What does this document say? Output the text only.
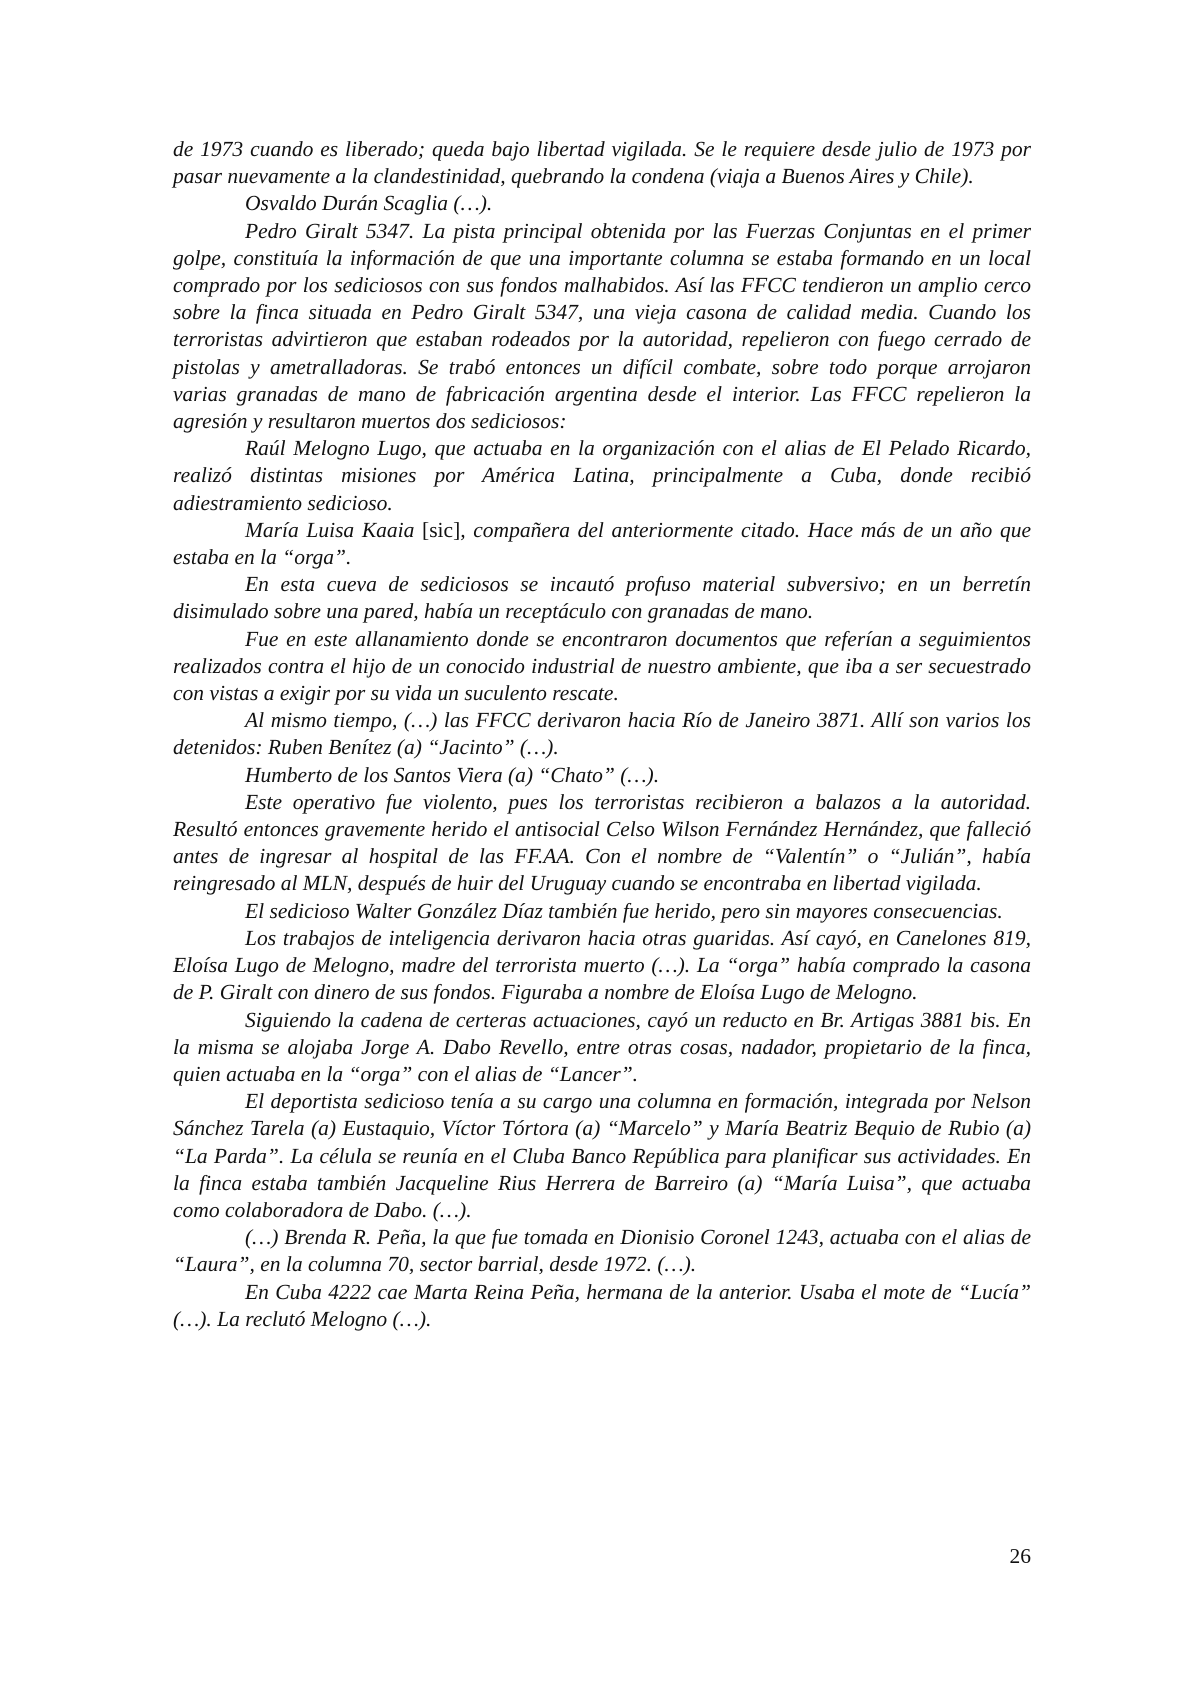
de 1973 cuando es liberado; queda bajo libertad vigilada. Se le requiere desde julio de 1973 por pasar nuevamente a la clandestinidad, quebrando la condena (viaja a Buenos Aires y Chile).

Osvaldo Durán Scaglia (…).

Pedro Giralt 5347. La pista principal obtenida por las Fuerzas Conjuntas en el primer golpe, constituía la información de que una importante columna se estaba formando en un local comprado por los sediciosos con sus fondos malhabidos. Así las FFCC tendieron un amplio cerco sobre la finca situada en Pedro Giralt 5347, una vieja casona de calidad media. Cuando los terroristas advirtieron que estaban rodeados por la autoridad, repelieron con fuego cerrado de pistolas y ametralladoras. Se trabó entonces un difícil combate, sobre todo porque arrojaron varias granadas de mano de fabricación argentina desde el interior. Las FFCC repelieron la agresión y resultaron muertos dos sediciosos:

Raúl Melogno Lugo, que actuaba en la organización con el alias de El Pelado Ricardo, realizó distintas misiones por América Latina, principalmente a Cuba, donde recibió adiestramiento sedicioso.

María Luisa Kaaia [sic], compañera del anteriormente citado. Hace más de un año que estaba en la “orga”.

En esta cueva de sediciosos se incautó profuso material subversivo; en un berretín disimulado sobre una pared, había un receptáculo con granadas de mano.

Fue en este allanamiento donde se encontraron documentos que referían a seguimientos realizados contra el hijo de un conocido industrial de nuestro ambiente, que iba a ser secuestrado con vistas a exigir por su vida un suculento rescate.

Al mismo tiempo, (…) las FFCC derivaron hacia Río de Janeiro 3871. Allí son varios los detenidos: Ruben Benítez (a) “Jacinto” (…).

Humberto de los Santos Viera (a) “Chato” (…).

Este operativo fue violento, pues los terroristas recibieron a balazos a la autoridad. Resultó entonces gravemente herido el antisocial Celso Wilson Fernández Hernández, que falleció antes de ingresar al hospital de las FF.AA. Con el nombre de “Valentín” o “Julián”, había reingresado al MLN, después de huir del Uruguay cuando se encontraba en libertad vigilada.

El sedicioso Walter González Díaz también fue herido, pero sin mayores consecuencias.

Los trabajos de inteligencia derivaron hacia otras guaridas. Así cayó, en Canelones 819, Eloísa Lugo de Melogno, madre del terrorista muerto (…). La “orga” había comprado la casona de P. Giralt con dinero de sus fondos. Figuraba a nombre de Eloísa Lugo de Melogno.

Siguiendo la cadena de certeras actuaciones, cayó un reducto en Br. Artigas 3881 bis. En la misma se alojaba Jorge A. Dabo Revello, entre otras cosas, nadador, propietario de la finca, quien actuaba en la “orga” con el alias de “Lancer”.

El deportista sedicioso tenía a su cargo una columna en formación, integrada por Nelson Sánchez Tarela (a) Eustaquio, Víctor Tórtora (a) “Marcelo” y María Beatriz Bequio de Rubio (a) “La Parda”. La célula se reunía en el Cluba Banco República para planificar sus actividades. En la finca estaba también Jacqueline Rius Herrera de Barreiro (a) “María Luisa”, que actuaba como colaboradora de Dabo. (…).

(…) Brenda R. Peña, la que fue tomada en Dionisio Coronel 1243, actuaba con el alias de “Laura”, en la columna 70, sector barrial, desde 1972. (…).

En Cuba 4222 cae Marta Reina Peña, hermana de la anterior. Usaba el mote de “Lucía” (…). La reclutó Melogno (…).

26
